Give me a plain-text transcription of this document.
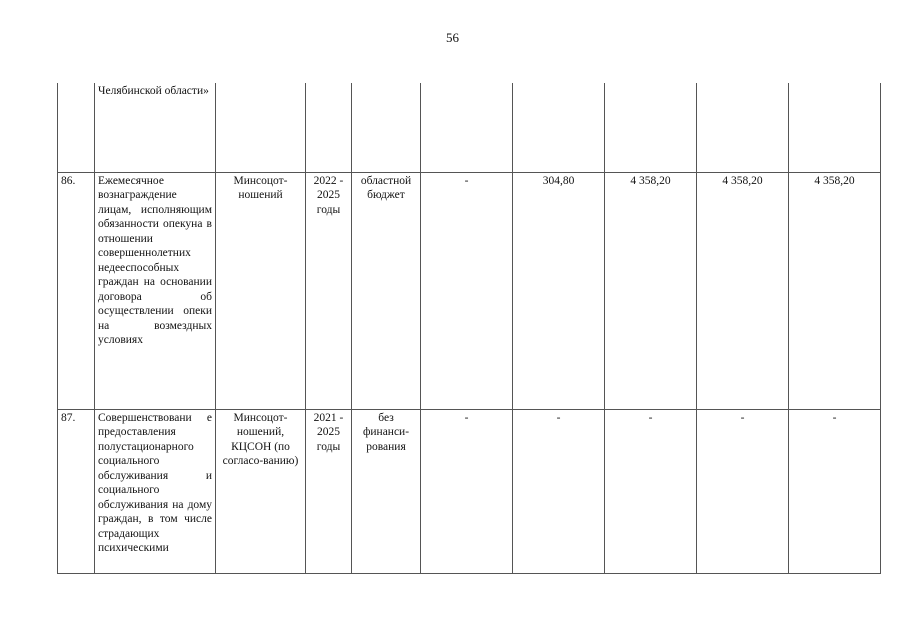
56
	Челябинской области»								
86.	Ежемесячное вознаграждение лицам, исполняющим обязанности опекуна в отношении совершеннолетних недееспособных граждан на основании договора об осуществлении опеки на возмездных условиях	Минсоцот-ношений	2022 - 2025 годы	областной бюджет	-	304,80	4 358,20	4 358,20	4 358,20
87.	Совершенствовани е предоставления полустационарного социального обслуживания и социального обслуживания на дому граждан, в том числе страдающих психическими	Минсоцот-ношений, КЦСОН (по согласо-ванию)	2021 - 2025 годы	без финанси-рования	-	-	-	-	-
